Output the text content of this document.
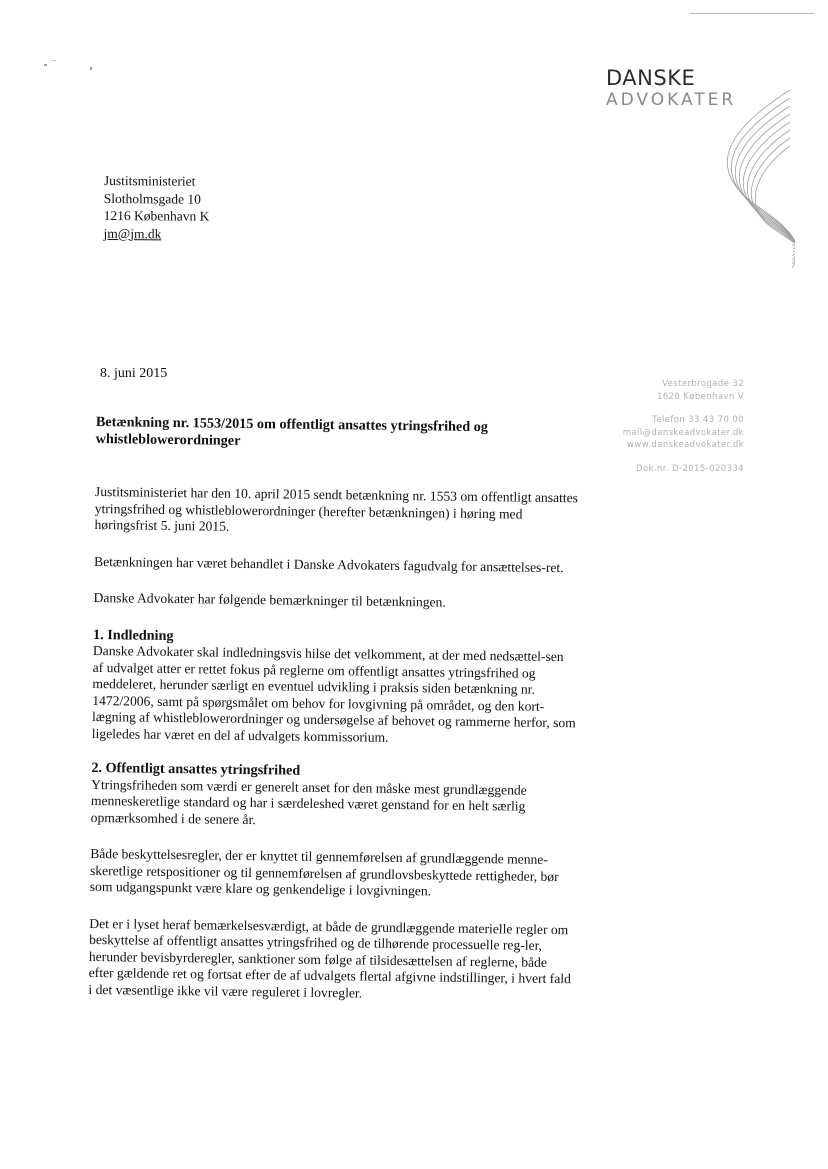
DANSKE
ADVOKATER
Justitsministeriet
Slotholmsgade 10
1216 København K
jm@jm.dk
8. juni 2015
Vesterbrogade 32
1620 København V
Telefon 33 43 70 00
mail@danskeadvokater.dk
www.danskeadvokater.dk
Dok.nr. D-2015-020334

Betænkning nr. 1553/2015 om offentligt ansattes ytringsfrihed og whistleblowerordninger

Justitsministeriet har den 10. april 2015 sendt betænkning nr. 1553 om offentligt ansattes ytringsfrihed og whistleblowerordninger (herefter betænkningen) i høring med høringsfrist 5. juni 2015.

Betænkningen har været behandlet i Danske Advokaters fagudvalg for ansættelses-ret.

Danske Advokater har følgende bemærkninger til betænkningen.

1. Indledning

Danske Advokater skal indledningsvis hilse det velkomment, at der med nedsættel-sen af udvalget atter er rettet fokus på reglerne om offentligt ansattes ytringsfrihed og meddeleret, herunder særligt en eventuel udvikling i praksis siden betænkning nr. 1472/2006, samt på spørgsmålet om behov for lovgivning på området, og den kort-lægning af whistleblowerordninger og undersøgelse af behovet og rammerne herfor, som ligeledes har været en del af udvalgets kommissorium.

2. Offentligt ansattes ytringsfrihed

Ytringsfriheden som værdi er generelt anset for den måske mest grundlæggende menneskeretlige standard og har i særdeleshed været genstand for en helt særlig opmærksomhed i de senere år.

Både beskyttelsesregler, der er knyttet til gennemførelsen af grundlæggende menne-skeretlige retspositioner og til gennemførelsen af grundlovsbeskyttede rettigheder, bør som udgangspunkt være klare og genkendelige i lovgivningen.

Det er i lyset heraf bemærkelsesværdigt, at både de grundlæggende materielle regler om beskyttelse af offentligt ansattes ytringsfrihed og de tilhørende processuelle reg-ler, herunder bevisbyrderegler, sanktioner som følge af tilsidesættelsen af reglerne, både efter gældende ret og fortsat efter de af udvalgets flertal afgivne indstillinger, i hvert fald i det væsentlige ikke vil være reguleret i lovregler.
